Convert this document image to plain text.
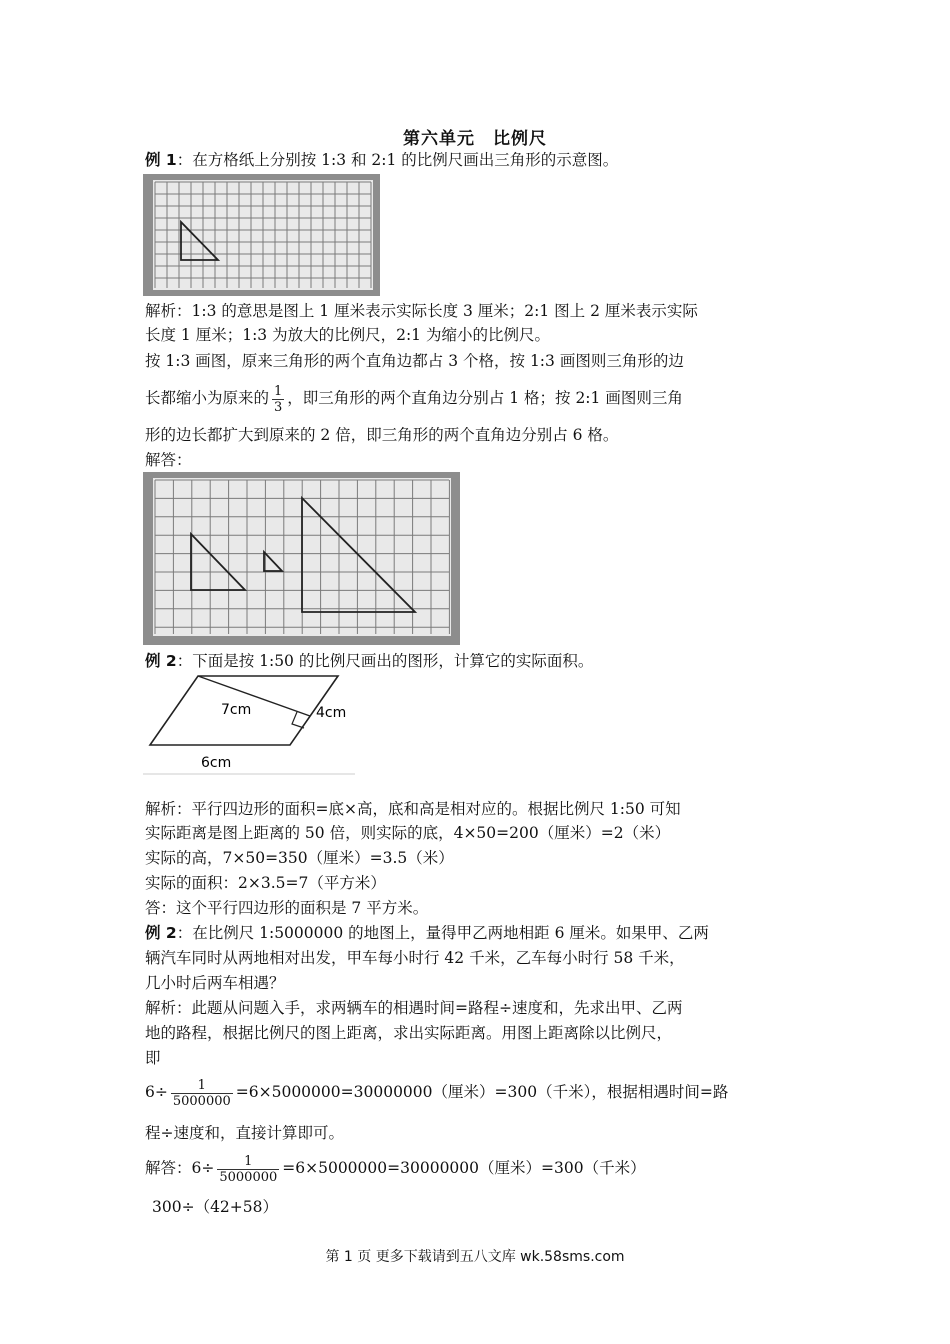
第六单元　比例尺
例 1：在方格纸上分别按 1:3 和 2:1 的比例尺画出三角形的示意图。
解析：1:3 的意思是图上 1 厘米表示实际长度 3 厘米；2:1 图上 2 厘米表示实际
长度 1 厘米；1:3 为放大的比例尺，2:1 为缩小的比例尺。
按 1:3 画图，原来三角形的两个直角边都占 3 个格，按 1:3 画图则三角形的边
长都缩小为原来的 $\frac{1}{3}$ ，即三角形的两个直角边分别占 1 格；按 2:1 画图则三角
形的边长都扩大到原来的 2 倍，即三角形的两个直角边分别占 6 格。
解答：
例 2：下面是按 1:50 的比例尺画出的图形，计算它的实际面积。
7cm	4cm
6cm
解析：平行四边形的面积=底×高，底和高是相对应的。根据比例尺 1:50 可知
实际距离是图上距离的 50 倍，则实际的底，4×50=200（厘米）=2（米）
实际的高，7×50=350（厘米）=3.5（米）
实际的面积：2×3.5=7（平方米）
答：这个平行四边形的面积是 7 平方米。
例 2：在比例尺 1:5000000 的地图上，量得甲乙两地相距 6 厘米。如果甲、乙两
辆汽车同时从两地相对出发，甲车每小时行 42 千米，乙车每小时行 58 千米，
几小时后两车相遇？
解析：此题从问题入手，求两辆车的相遇时间=路程÷速度和，先求出甲、乙两
地的路程，根据比例尺的图上距离，求出实际距离。用图上距离除以比例尺，
即
$6\div \frac{1}{5000000} =6\times 5000000=30000000$（厘米）=300（千米），根据相遇时间=路
程÷速度和，直接计算即可。
解答：$6\div \frac{1}{5000000} =6\times 5000000=30000000$（厘米）=300（千米）
300÷（42+58）
第 1 页 更多下载请到五八文库 wk.58sms.com
